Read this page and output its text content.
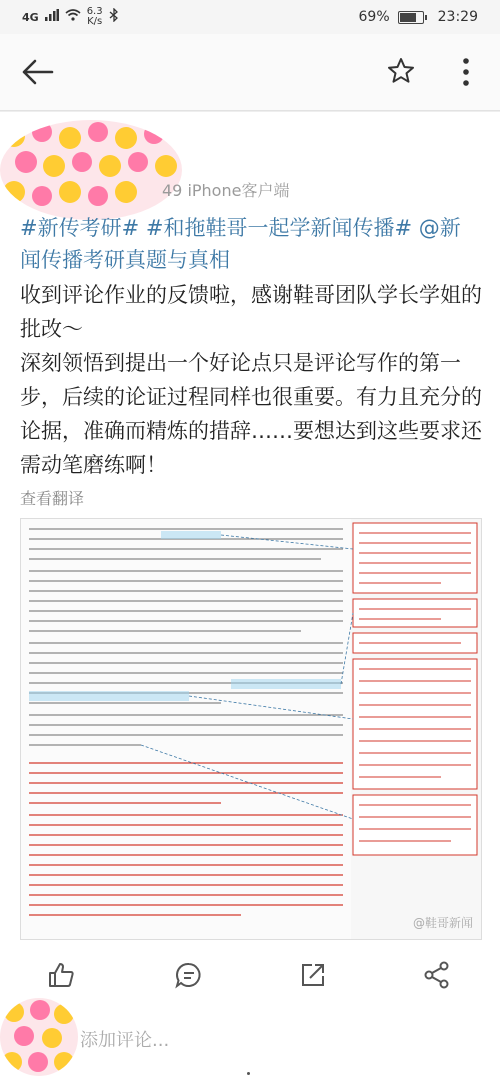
4G	6.3
K/s	69%	23:29
49 iPhone客户端
#新传考研# #和拖鞋哥一起学新闻传播# @新闻传播考研真题与真相
收到评论作业的反馈啦，感谢鞋哥团队学长学姐的批改～
深刻领悟到提出一个好论点只是评论写作的第一步，后续的论证过程同样也很重要。有力且充分的论据，准确而精炼的措辞……要想达到这些要求还需动笔磨练啊！
查看翻译
@鞋哥新闻
添加评论...
